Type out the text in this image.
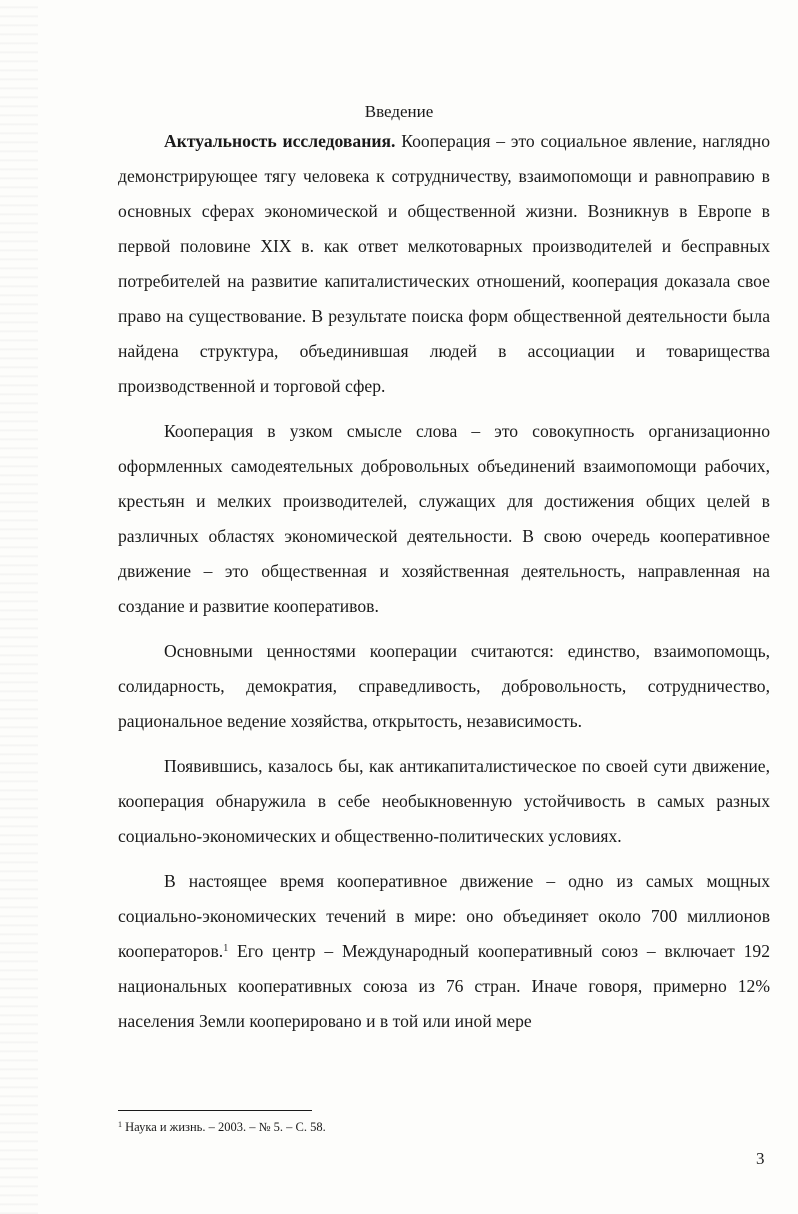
Введение

Актуальность исследования. Кооперация – это социальное явление, наглядно демонстрирующее тягу человека к сотрудничеству, взаимопомощи и равноправию в основных сферах экономической и общественной жизни. Возникнув в Европе в первой половине XIX в. как ответ мелкотоварных производителей и бесправных потребителей на развитие капиталистических отношений, кооперация доказала свое право на существование. В результате поиска форм общественной деятельности была найдена структура, объединившая людей в ассоциации и товарищества производственной и торговой сфер.

Кооперация в узком смысле слова – это совокупность организационно оформленных самодеятельных добровольных объединений взаимопомощи рабочих, крестьян и мелких производителей, служащих для достижения общих целей в различных областях экономической деятельности. В свою очередь кооперативное движение – это общественная и хозяйственная деятельность, направленная на создание и развитие кооперативов.

Основными ценностями кооперации считаются: единство, взаимопомощь, солидарность, демократия, справедливость, добровольность, сотрудничество, рациональное ведение хозяйства, открытость, независимость.

Появившись, казалось бы, как антикапиталистическое по своей сути движение, кооперация обнаружила в себе необыкновенную устойчивость в самых разных социально-экономических и общественно-политических условиях.

В настоящее время кооперативное движение – одно из самых мощных социально-экономических течений в мире: оно объединяет около 700 миллионов кооператоров.$^1$ Его центр – Международный кооперативный союз – включает 192 национальных кооперативных союза из 76 стран. Иначе говоря, примерно 12% населения Земли кооперировано и в той или иной мере

$^1$ Наука и жизнь. – 2003. – № 5. – С. 58.
3
